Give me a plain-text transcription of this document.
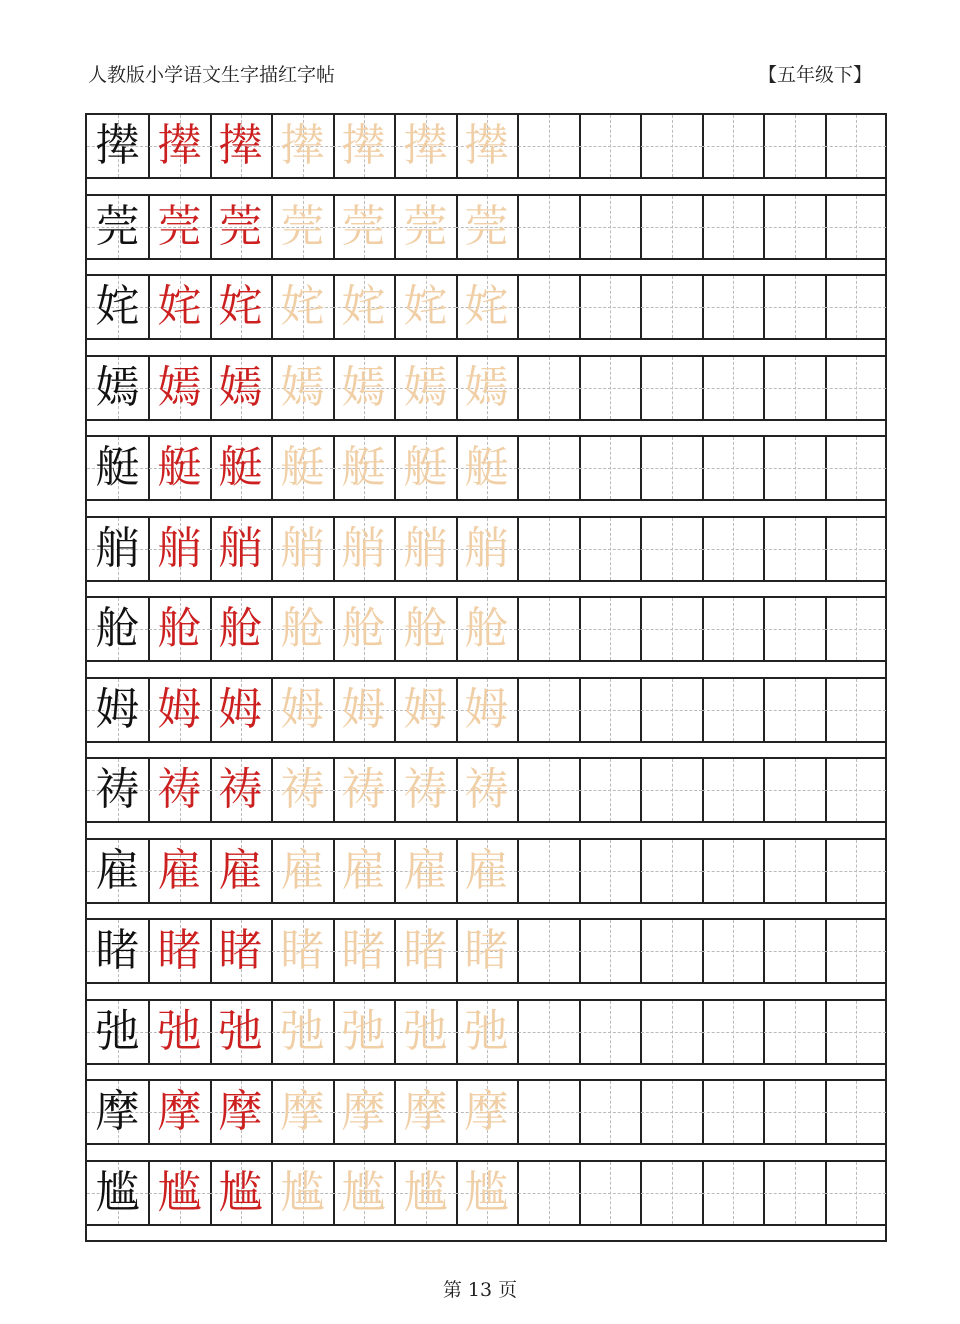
人教版小学语文生字描红字帖	【五年级下】
撵 撵 撵 撵 撵 撵 撵
莞 莞 莞 莞 莞 莞 莞
姹 姹 姹 姹 姹 姹 姹
嫣 嫣 嫣 嫣 嫣 嫣 嫣
艇 艇 艇 艇 艇 艇 艇
艄 艄 艄 艄 艄 艄 艄
舱 舱 舱 舱 舱 舱 舱
姆 姆 姆 姆 姆 姆 姆
祷 祷 祷 祷 祷 祷 祷
雇 雇 雇 雇 雇 雇 雇
睹 睹 睹 睹 睹 睹 睹
弛 弛 弛 弛 弛 弛 弛
摩 摩 摩 摩 摩 摩 摩
尴 尴 尴 尴 尴 尴 尴
第 13 页
